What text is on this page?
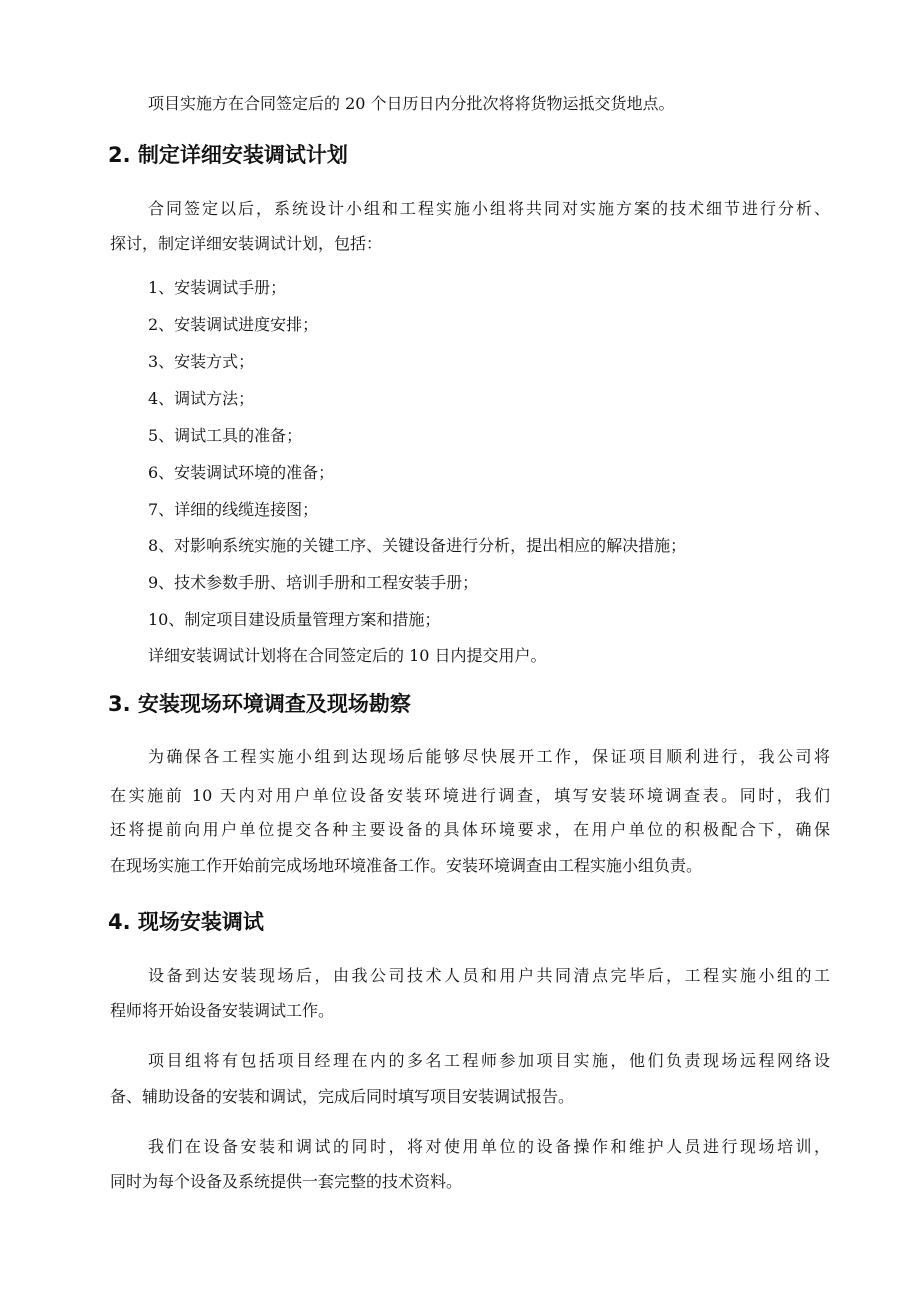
项目实施方在合同签定后的 20 个日历日内分批次将将货物运抵交货地点。
2. 制定详细安装调试计划
合同签定以后，系统设计小组和工程实施小组将共同对实施方案的技术细节进行分析、
探讨，制定详细安装调试计划，包括：
1、安装调试手册；
2、安装调试进度安排；
3、安装方式；
4、调试方法；
5、调试工具的准备；
6、安装调试环境的准备；
7、详细的线缆连接图；
8、对影响系统实施的关键工序、关键设备进行分析，提出相应的解决措施；
9、技术参数手册、培训手册和工程安装手册；
10、制定项目建设质量管理方案和措施；
详细安装调试计划将在合同签定后的 10 日内提交用户。
3. 安装现场环境调查及现场勘察
为确保各工程实施小组到达现场后能够尽快展开工作，保证项目顺利进行，我公司将
在实施前 10 天内对用户单位设备安装环境进行调查，填写安装环境调查表。同时，我们
还将提前向用户单位提交各种主要设备的具体环境要求，在用户单位的积极配合下，确保
在现场实施工作开始前完成场地环境准备工作。安装环境调查由工程实施小组负责。
4. 现场安装调试
设备到达安装现场后，由我公司技术人员和用户共同清点完毕后，工程实施小组的工
程师将开始设备安装调试工作。
项目组将有包括项目经理在内的多名工程师参加项目实施，他们负责现场远程网络设
备、辅助设备的安装和调试，完成后同时填写项目安装调试报告。
我们在设备安装和调试的同时，将对使用单位的设备操作和维护人员进行现场培训，
同时为每个设备及系统提供一套完整的技术资料。
